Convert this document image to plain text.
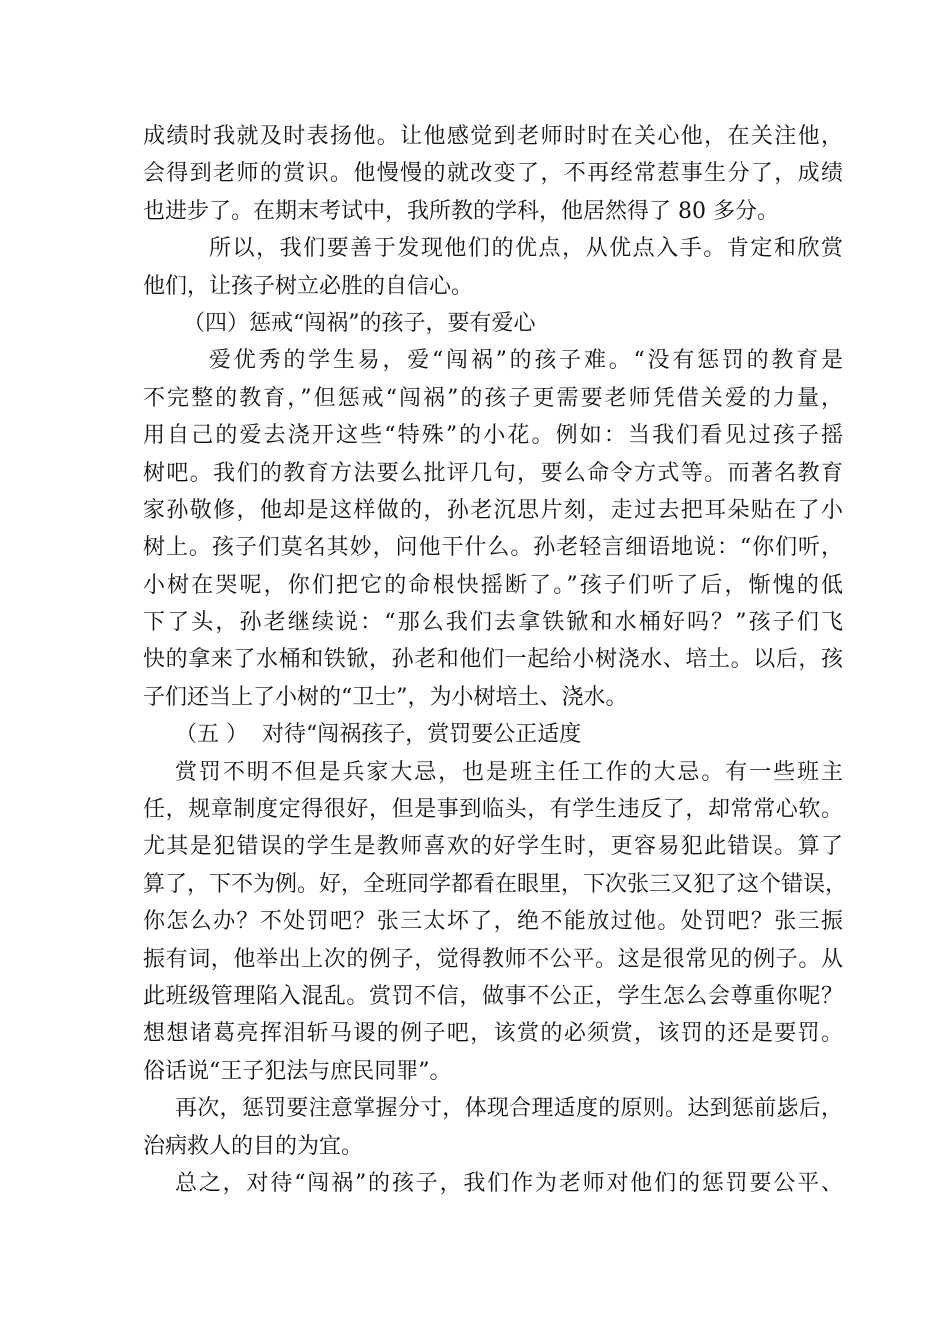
成绩时我就及时表扬他。让他感觉到老师时时在关心他，在关注他，
会得到老师的赏识。他慢慢的就改变了，不再经常惹事生分了，成绩
也进步了。在期末考试中，我所教的学科，他居然得了 80 多分。
所以，我们要善于发现他们的优点，从优点入手。肯定和欣赏
他们，让孩子树立必胜的自信心。
（四）惩戒“闯祸”的孩子，要有爱心
爱优秀的学生易，爱“闯祸”的孩子难。“没有惩罚的教育是
不完整的教育，”但惩戒“闯祸”的孩子更需要老师凭借关爱的力量，
用自己的爱去浇开这些“特殊”的小花。例如：当我们看见过孩子摇
树吧。我们的教育方法要么批评几句，要么命令方式等。而著名教育
家孙敬修，他却是这样做的，孙老沉思片刻，走过去把耳朵贴在了小
树上。孩子们莫名其妙，问他干什么。孙老轻言细语地说：“你们听，
小树在哭呢，你们把它的命根快摇断了。”孩子们听了后，惭愧的低
下了头，孙老继续说：“那么我们去拿铁锨和水桶好吗？”孩子们飞
快的拿来了水桶和铁锨，孙老和他们一起给小树浇水、培土。以后，孩
子们还当上了小树的“卫士”，为小树培土、浇水。
（五 ）  对待“闯祸孩子，赏罚要公正适度
赏罚不明不但是兵家大忌，也是班主任工作的大忌。有一些班主
任，规章制度定得很好，但是事到临头，有学生违反了，却常常心软。
尤其是犯错误的学生是教师喜欢的好学生时，更容易犯此错误。算了
算了，下不为例。好，全班同学都看在眼里，下次张三又犯了这个错误，
你怎么办？不处罚吧？张三太坏了，绝不能放过他。处罚吧？张三振
振有词，他举出上次的例子，觉得教师不公平。这是很常见的例子。从
此班级管理陷入混乱。赏罚不信，做事不公正，学生怎么会尊重你呢？
想想诸葛亮挥泪斩马谡的例子吧，该赏的必须赏，该罚的还是要罚。
俗话说“王子犯法与庶民同罪”。
再次，惩罚要注意掌握分寸，体现合理适度的原则。达到惩前毖后，
治病救人的目的为宜。
总之，对待“闯祸”的孩子，我们作为老师对他们的惩罚要公平、
